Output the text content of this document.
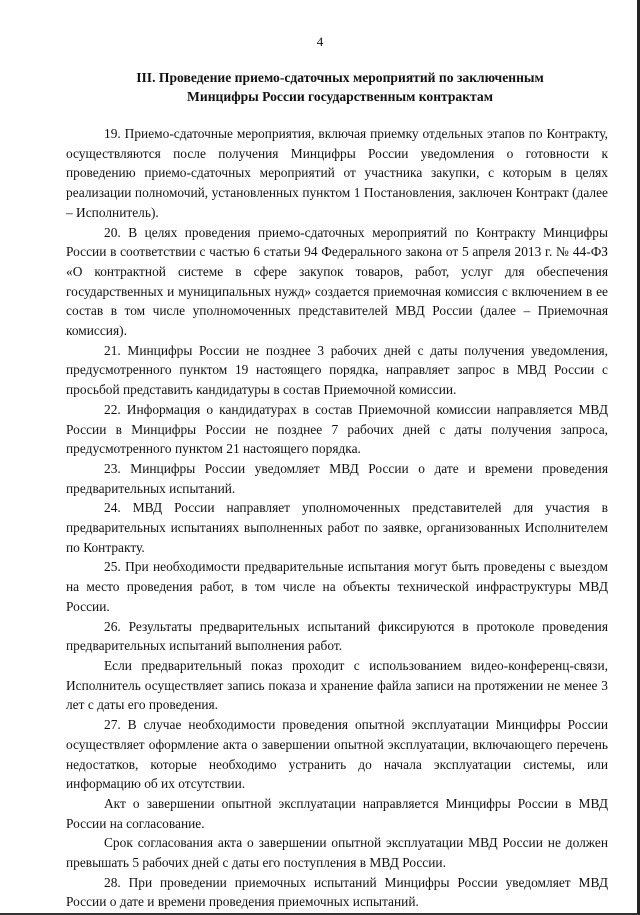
4
III. Проведение приемо-сдаточных мероприятий по заключенным
Минцифры России государственным контрактам

19. Приемо-сдаточные мероприятия, включая приемку отдельных этапов по Контракту, осуществляются после получения Минцифры России уведомления о готовности к проведению приемо-сдаточных мероприятий от участника закупки, с которым в целях реализации полномочий, установленных пунктом 1 Постановления, заключен Контракт (далее – Исполнитель).

20. В целях проведения приемо-сдаточных мероприятий по Контракту Минцифры России в соответствии с частью 6 статьи 94 Федерального закона от 5 апреля 2013 г. № 44-ФЗ «О контрактной системе в сфере закупок товаров, работ, услуг для обеспечения государственных и муниципальных нужд» создается приемочная комиссия с включением в ее состав в том числе уполномоченных представителей МВД России (далее – Приемочная комиссия).

21. Минцифры России не позднее 3 рабочих дней с даты получения уведомления, предусмотренного пунктом 19 настоящего порядка, направляет запрос в МВД России с просьбой представить кандидатуры в состав Приемочной комиссии.

22. Информация о кандидатурах в состав Приемочной комиссии направляется МВД России в Минцифры России не позднее 7 рабочих дней с даты получения запроса, предусмотренного пунктом 21 настоящего порядка.

23. Минцифры России уведомляет МВД России о дате и времени проведения предварительных испытаний.

24. МВД России направляет уполномоченных представителей для участия в предварительных испытаниях выполненных работ по заявке, организованных Исполнителем по Контракту.

25. При необходимости предварительные испытания могут быть проведены с выездом на место проведения работ, в том числе на объекты технической инфраструктуры МВД России.

26. Результаты предварительных испытаний фиксируются в протоколе проведения предварительных испытаний выполнения работ.

Если предварительный показ проходит с использованием видео-конференц-связи, Исполнитель осуществляет запись показа и хранение файла записи на протяжении не менее 3 лет с даты его проведения.

27. В случае необходимости проведения опытной эксплуатации Минцифры России осуществляет оформление акта о завершении опытной эксплуатации, включающего перечень недостатков, которые необходимо устранить до начала эксплуатации системы, или информацию об их отсутствии.

Акт о завершении опытной эксплуатации направляется Минцифры России в МВД России на согласование.

Срок согласования акта о завершении опытной эксплуатации МВД России не должен превышать 5 рабочих дней с даты его поступления в МВД России.

28. При проведении приемочных испытаний Минцифры России уведомляет МВД России о дате и времени проведения приемочных испытаний.
